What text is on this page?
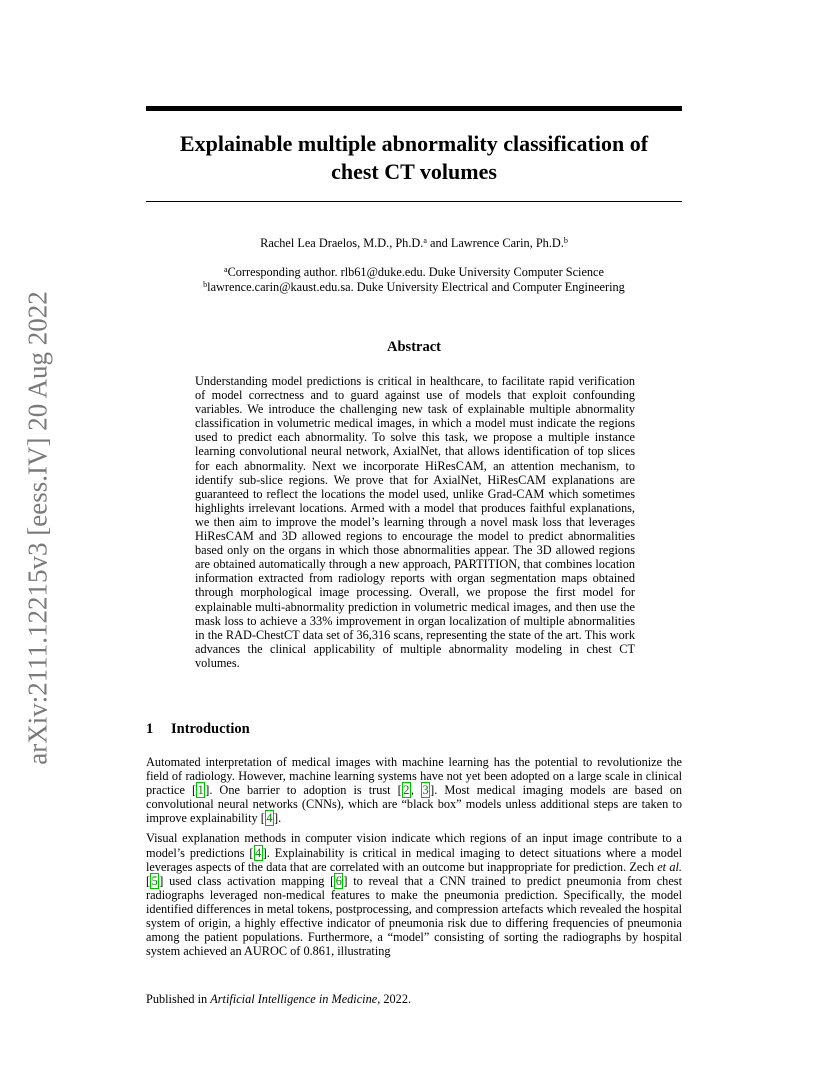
arXiv:2111.12215v3 [eess.IV] 20 Aug 2022
Explainable multiple abnormality classification of
chest CT volumes
Rachel Lea Draelos, M.D., Ph.D.$^a$ and Lawrence Carin, Ph.D.$^b$
$^a$Corresponding author. rlb61@duke.edu. Duke University Computer Science
$^b$lawrence.carin@kaust.edu.sa. Duke University Electrical and Computer Engineering
Abstract
Understanding model predictions is critical in healthcare, to facilitate rapid verification of model correctness and to guard against use of models that exploit confounding variables. We introduce the challenging new task of explainable multiple abnormality classification in volumetric medical images, in which a model must indicate the regions used to predict each abnormality. To solve this task, we propose a multiple instance learning convolutional neural network, AxialNet, that allows identification of top slices for each abnormality. Next we incorporate HiResCAM, an attention mechanism, to identify sub-slice regions. We prove that for AxialNet, HiResCAM explanations are guaranteed to reflect the locations the model used, unlike Grad-CAM which sometimes highlights irrelevant locations. Armed with a model that produces faithful explanations, we then aim to improve the model’s learning through a novel mask loss that leverages HiResCAM and 3D allowed regions to encourage the model to predict abnormalities based only on the organs in which those abnormalities appear. The 3D allowed regions are obtained automatically through a new approach, PARTITION, that combines location information extracted from radiology reports with organ segmentation maps obtained through morphological image processing. Overall, we propose the first model for explainable multi-abnormality prediction in volumetric medical images, and then use the mask loss to achieve a 33% improvement in organ localization of multiple abnormalities in the RAD-ChestCT data set of 36,316 scans, representing the state of the art. This work advances the clinical applicability of multiple abnormality modeling in chest CT volumes.
1 Introduction

Automated interpretation of medical images with machine learning has the potential to revolutionize the field of radiology. However, machine learning systems have not yet been adopted on a large scale in clinical practice [ 1 ]. One barrier to adoption is trust [ 2 , 3 ]. Most medical imaging models are based on convolutional neural networks (CNNs), which are “black box” models unless additional steps are taken to improve explainability [ 4 ].

Visual explanation methods in computer vision indicate which regions of an input image contribute to a model’s predictions [ 4 ]. Explainability is critical in medical imaging to detect situations where a model leverages aspects of the data that are correlated with an outcome but inappropriate for prediction. Zech et al. [ 5 ] used class activation mapping [ 6 ] to reveal that a CNN trained to predict pneumonia from chest radiographs leveraged non-medical features to make the pneumonia prediction. Specifically, the model identified differences in metal tokens, postprocessing, and compression artefacts which revealed the hospital system of origin, a highly effective indicator of pneumonia risk due to differing frequencies of pneumonia among the patient populations. Furthermore, a “model” consisting of sorting the radiographs by hospital system achieved an AUROC of 0.861, illustrating

Published in Artificial Intelligence in Medicine, 2022.
